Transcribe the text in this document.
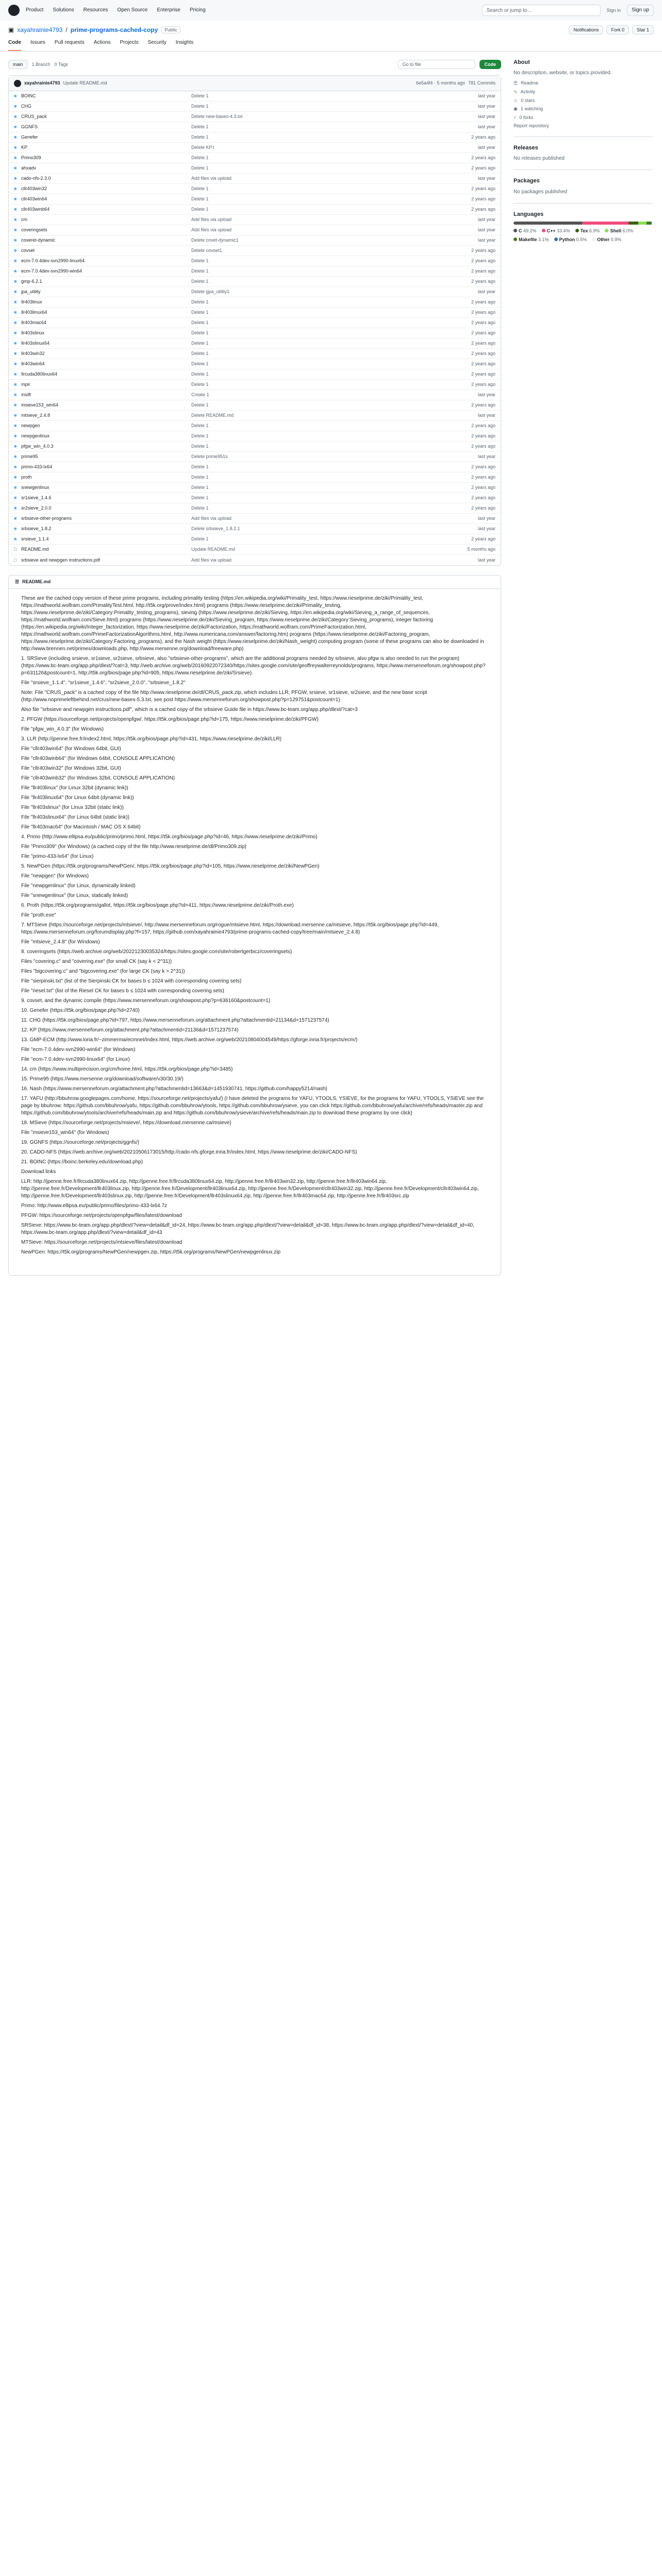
Product Solutions Resources Open Source Enterprise Pricing	Search or jump to...	Sign in	Sign up
▣ xayahrainie4793 / prime-programs-cached-copy	Public	Notifications	Fork 0	Star 1
Code Issues Pull requests Actions Projects Security Insights
main	1 Branch 0 Tags	Go to file	Code
xayahrainie4793 Update README.md	6e5a4f4 · 5 months ago 781 Commits
■ BOINC	Delete 1	last year
■ CHG	Delete 1	last year
■ CRUS_pack	Delete new-bases-4.3.txt	last year
■ GGNFS	Delete 1	last year
■ Genefer	Delete 1	2 years ago
■ KP	Delete KP.t	last year
■ Primo309	Delete 1	2 years ago
■ ahxadv	Delete 1	2 years ago
■ cado-nfs-2.3.0	Add files via upload	last year
■ cllr403win32	Delete 1	2 years ago
■ cllr403win64	Delete 1	2 years ago
■ cllr403winb64	Delete 1	2 years ago
■ cm	Add files via upload	last year
■ coveringsets	Add files via upload	last year
■ coveret-dynamic	Delete covet-dynamic1	last year
■ covset	Delete covset1	2 years ago
■ ecm-7.0.4dev-svn2990-linux64	Delete 1	2 years ago
■ ecm-7.0.4dev-svn2990-win64	Delete 1	2 years ago
■ gmp-6.2.1	Delete 1	2 years ago
■ jpa_utility	Delete gpa_utility1	last year
■ llr403linux	Delete 1	2 years ago
■ llr403linux64	Delete 1	2 years ago
■ llr403mac64	Delete 1	2 years ago
■ llr403slinux	Delete 1	2 years ago
■ llr403slinux64	Delete 1	2 years ago
■ llr403win32	Delete 1	2 years ago
■ llr403win64	Delete 1	2 years ago
■ llrcuda380linux64	Delete 1	2 years ago
■ mpir	Delete 1	2 years ago
■ msift	Create 1	last year
■ msieve153_win64	Delete 1	2 years ago
■ mtsieve_2.4.8	Delete README.md	last year
■ newpgen	Delete 1	2 years ago
■ newpgenlinux	Delete 1	2 years ago
■ pfgw_win_4.0.3	Delete 1	2 years ago
■ prime95	Delete prime951s	last year
■ primo-433-lx64	Delete 1	2 years ago
■ proth	Delete 1	2 years ago
■ snewgenlinux	Delete 1	2 years ago
■ sr1sieve_1.4.6	Delete 1	2 years ago
■ sr2sieve_2.0.0	Delete 1	2 years ago
■ srbsieve-other-programs	Add files via upload	last year
■ srbsieve_1.8.2	Delete srbsieve_1.8.2.1	last year
■ srsieve_1.1.4	Delete 1	2 years ago
□ README.md	Update README.md	5 months ago
□ srbsieve and newpgen instructions.pdf	Add files via upload	last year
☰ README.md

These are the cached copy version of these prime programs, including primality testing (https://en.wikipedia.org/wiki/Primality_test, https://www.rieselprime.de/ziki/Primality_test, https://mathworld.wolfram.com/PrimalityTest.html, http://t5k.org/prove/index.html) programs (https://www.rieselprime.de/ziki/Primality_testing, https://www.rieselprime.de/ziki/Category:Primality_testing_programs), sieving (https://www.rieselprime.de/ziki/Sieving, https://en.wikipedia.org/wiki/Sieving_a_range_of_sequences, https://mathworld.wolfram.com/Sieve.html) programs (https://www.rieselprime.de/ziki/Sieving_program, https://www.rieselprime.de/ziki/Category:Sieving_programs), integer factoring (https://en.wikipedia.org/wiki/Integer_factorization, https://www.rieselprime.de/ziki/Factorization, https://mathworld.wolfram.com/PrimeFactorization.html, https://mathworld.wolfram.com/PrimeFactorizationAlgorithms.html, http://www.numericana.com/answer/factoring.htm) programs (https://www.rieselprime.de/ziki/Factoring_program, https://www.rieselprime.de/ziki/Category:Factoring_programs), and the Nash weight (https://www.rieselprime.de/ziki/Nash_weight) computing program (some of these programs can also be downloaded in http://www.brennen.net/primes/downloads.php, http://www.mersenne.org/download/freeware.php)

1. SRSieve (including srsieve, sr1sieve, sr2sieve, srbsieve, also "srbsieve-other-programs", which are the additional programs needed by srbsieve, also pfgw is also needed to run the program) (https://www.bc-team.org/app.php/dlext/?cat=3, http://web.archive.org/web/20160922072340/https://sites.google.com/site/geoffreywalterreynolds/programs, https://www.mersenneforum.org/showpost.php?p=631126&postcount=1, http://t5k.org/bios/page.php?id=905, https://www.rieselprime.de/ziki/Srsieve).

File "srsieve_1.1.4", "sr1sieve_1.4.6", "sr2sieve_2.0.0", "srbsieve_1.8.2"

Note: File "CRUS_pack" is a cached copy of the file http://www.rieselprime.de/dl/CRUS_pack.zip, which includes LLR, PFGW, srsieve, sr1sieve, sr2sieve, and the new base script (http://www.noprimeleftbehind.net/crus/new-bases-5.3.txt, see post https://www.mersenneforum.org/showpost.php?p=129751&postcount=1)

Also file "srbsieve and newpgen instructions.pdf", which is a cached copy of the srbsieve Guide file in https://www.bc-team.org/app.php/dlext/?cat=3

2. PFGW (https://sourceforge.net/projects/openpfgw/, https://t5k.org/bios/page.php?id=175, https://www.rieselprime.de/ziki/PFGW)

File "pfgw_win_4.0.3" (for Windows)

3. LLR (http://jpenne.free.fr/index2.html, https://t5k.org/bios/page.php?id=431, https://www.rieselprime.de/ziki/LLR)

File "cllr403win64" (for Windows 64bit, GUI)

File "cllr403winb64" (for Windows 64bit, CONSOLE APPLICATION)

File "cllr403win32" (for Windows 32bit, GUI)

File "cllr403winb32" (for Windows 32bit, CONSOLE APPLICATION)

File "llr403linux" (for Linux 32bit (dynamic link))

File "llr403linux64" (for Linux 64bit (dynamic link))

File "llr403slinux" (for Linux 32bit (static link))

File "llr403slinux64" (for Linux 64bit (static link))

File "llr403mac64" (for Macintosh / MAC OS X 64bit)

4. Primo (http://www.ellipsa.eu/public/primo/primo.html, https://t5k.org/bios/page.php?id=46, https://www.rieselprime.de/ziki/Primo)

File "Primo309" (for Windows) (a cached copy of the file http://www.rieselprime.de/dl/Primo309.zip)

File "primo-433-lx64" (for Linux)

5. NewPGen (https://t5k.org/programs/NewPGen/, https://t5k.org/bios/page.php?id=105, https://www.rieselprime.de/ziki/NewPGen)

File "newpgen" (for Windows)

File "newpgenlinux" (for Linux, dynamically linked)

File "snewgenlinux" (for Linux, statically linked)

6. Proth (https://t5k.org/programs/gallot, https://t5k.org/bios/page.php?id=411, https://www.rieselprime.de/ziki/Proth.exe)

File "proth.exe"

7. MTSieve (https://sourceforge.net/projects/mtsieve/, http://www.mersenneforum.org/rogue/mtsieve.html, https://download.mersenne.ca/mtsieve, https://t5k.org/bios/page.php?id=449, https://www.mersenneforum.org/forumdisplay.php?f=157, https://github.com/xayahrainie4793/prime-programs-cached-copy/tree/main/mtsieve_2.4.8)

File "mtsieve_2.4.8" (for Windows)

8. coveringsets (https://web.archive.org/web/20221230035324/https://sites.google.com/site/robertgerbicz/coveringsets)

Files "covering.c" and "covering.exe" (for small CK (say k < 2^31))

Files "bigcovering.c" and "bigcovering.exe" (for large CK (say k > 2^31))

File "sierpinski.txt" (list of the Sierpinski CK for bases b ≤ 1024 with corresponding covering sets)

File "riesel.txt" (list of the Riesel CK for bases b ≤ 1024 with corresponding covering sets)

9. covset, and the dynamic compile (https://www.mersenneforum.org/showpost.php?p=636160&postcount=1)

10. Genefer (https://t5k.org/bios/page.php?id=2740)

11. CHG (https://t5k.org/bios/page.php?id=797, https://www.mersenneforum.org/attachment.php?attachmentid=21134&d=1571237574)

12. KP (https://www.mersenneforum.org/attachment.php?attachmentid=21136&d=1571237574)

13. GMP-ECM (http://www.loria.fr/~zimmerma/ecmnet/index.html, https://web.archive.org/web/20210804004549/https://gforge.inria.fr/projects/ecm/)

File "ecm-7.0.4dev-svn2990-win64" (for Windows)

File "ecm-7.0.4dev-svn2990-linux64" (for Linux)

14. cm (https://www.multiprecision.org/cm/home.html, https://t5k.org/bios/page.php?id=3485)

15. Prime95 (https://www.mersenne.org/download/software/v30/30.19/)

16. Nash (https://www.mersenneforum.org/attachment.php?attachmentid=13663&d=1451930741, https://github.com/happy5214/nash)

17. YAFU (http://bbuhrow.googlepages.com/home, https://sourceforge.net/projects/yafu/) (I have deleted the programs for YAFU, YTOOLS, YSIEVE, for the programs for YAFU, YTOOLS, YSIEVE see the page by bbuhrow: https://github.com/bbuhrow/yafu, https://github.com/bbuhrow/ytools, https://github.com/bbuhrow/ysieve, you can click https://github.com/bbuhrow/yafu/archive/refs/heads/master.zip and https://github.com/bbuhrow/ytools/archive/refs/heads/main.zip and https://github.com/bbuhrow/ysieve/archive/refs/heads/main.zip to download these programs by one click)

18. MSieve (https://sourceforge.net/projects/msieve/, https://download.mersenne.ca/msieve)

File "msieve153_win64" (for Windows)

19. GGNFS (https://sourceforge.net/projects/ggnfs/)

20. CADO-NFS (https://web.archive.org/web/20210506173015/http://cado-nfs.gforge.inria.fr/index.html, https://www.rieselprime.de/ziki/CADO-NFS)

21. BOINC (https://boinc.berkeley.edu/download.php)

Download links

LLR: http://jpenne.free.fr/llrcuda380linux64.zip, http://jpenne.free.fr/llrcuda380linux64.zip, http://jpenne.free.fr/llr403win32.zip, http://jpenne.free.fr/llr403win64.zip, http://jpenne.free.fr/Development/llr403linux.zip, http://jpenne.free.fr/Development/llr403linux64.zip, http://jpenne.free.fr/Development/cllr403win32.zip, http://jpenne.free.fr/Development/cllr403win64.zip, http://jpenne.free.fr/Development/llr403slinux.zip, http://jpenne.free.fr/Development/llr403slinux64.zip, http://jpenne.free.fr/llr403mac64.zip, http://jpenne.free.fr/llr403src.zip

Primo: http://www.ellipsa.eu/public/primo/files/primo-433-lx64.7z

PFGW: https://sourceforge.net/projects/openpfgw/files/latest/download

SRSieve: https://www.bc-team.org/app.php/dlext/?view=detail&df_id=24, https://www.bc-team.org/app.php/dlext/?view=detail&df_id=38, https://www.bc-team.org/app.php/dlext/?view=detail&df_id=40, https://www.bc-team.org/app.php/dlext/?view=detail&df_id=43

MTSieve: https://sourceforge.net/projects/mtsieve/files/latest/download

NewPGen: https://t5k.org/programs/NewPGen/newpgen.zip, https://t5k.org/programs/NewPGen/newpgenlinux.zip

About
No description, website, or topics provided.
☰ Readme
∿ Activity
☆ 0 stars
◉ 1 watching
⑂ 0 forks
Report repository
Releases
No releases published
Packages
No packages published
Languages
C 49.2%	C++ 33.4%	Tex 6.9%	Shell 6.0%
Makefile 3.1%	Python 0.5%	Other 0.9%
